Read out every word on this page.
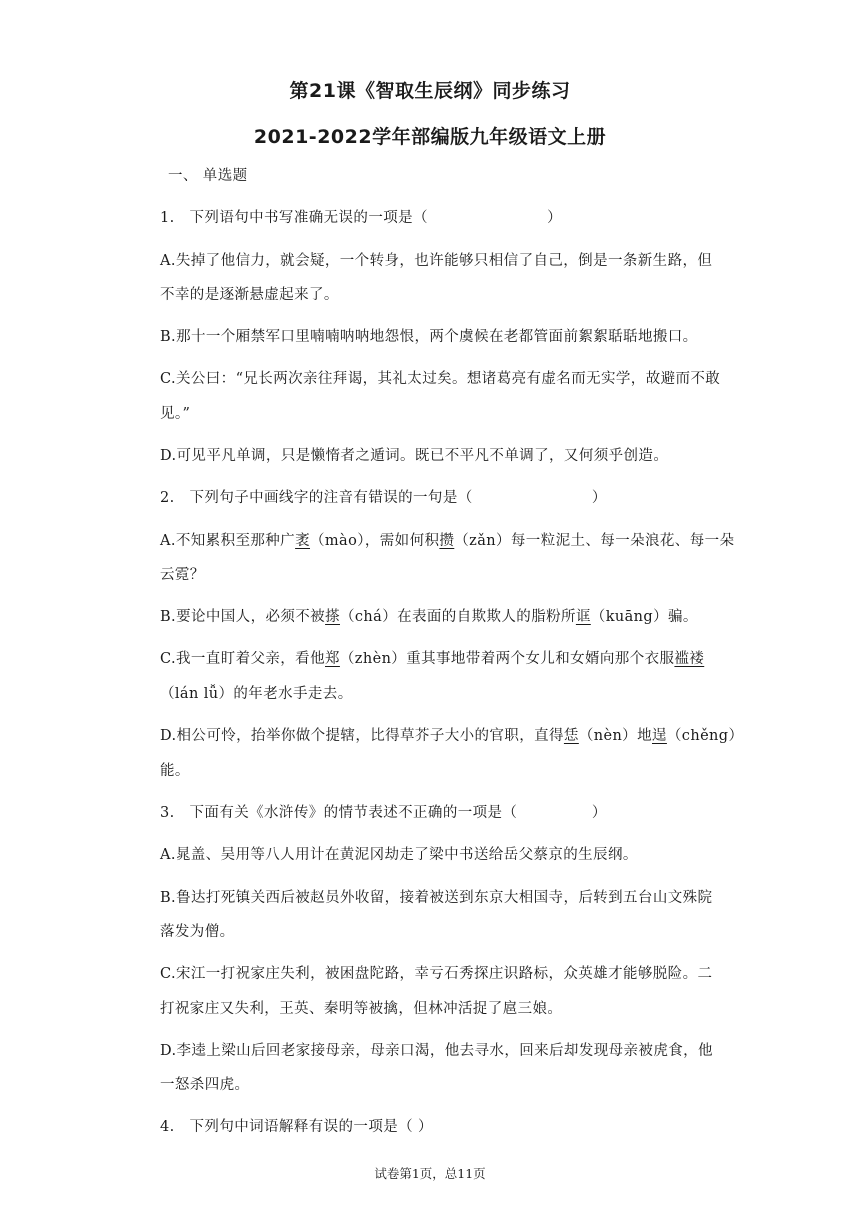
第21课《智取生辰纲》同步练习
2021-2022学年部编版九年级语文上册
一、 单选题
1.　下列语句中书写准确无误的一项是（　　　　　　　　）
A.失掉了他信力，就会疑，一个转身，也许能够只相信了自己，倒是一条新生路，但
不幸的是逐渐悬虚起来了。
B.那十一个厢禁军口里喃喃呐呐地怨恨，两个虞候在老都管面前絮絮聒聒地搬口。
C.关公曰：“兄长两次亲往拜谒，其礼太过矣。想诸葛亮有虚名而无实学，故避而不敢
见。”
D.可见平凡单调，只是懒惰者之遁词。既已不平凡不单调了，又何须乎创造。
2.　下列句子中画线字的注音有错误的一句是（　　　　　　　　）
A.不知累积至那种广袤（mào），需如何积攒（zǎn）每一粒泥土、每一朵浪花、每一朵
云霓？
B.要论中国人，必须不被搽（chá）在表面的自欺欺人的脂粉所诓（kuāng）骗。
C.我一直盯着父亲，看他郑（zhèn）重其事地带着两个女儿和女婿向那个衣服褴褛
（lán lǚ）的年老水手走去。
D.相公可怜，抬举你做个提辖，比得草芥子大小的官职，直得恁（nèn）地逞（chěng）
能。
3.　下面有关《水浒传》的情节表述不正确的一项是（　　　　　）
A.晁盖、吴用等八人用计在黄泥冈劫走了梁中书送给岳父蔡京的生辰纲。
B.鲁达打死镇关西后被赵员外收留，接着被送到东京大相国寺，后转到五台山文殊院
落发为僧。
C.宋江一打祝家庄失利，被困盘陀路，幸亏石秀探庄识路标，众英雄才能够脱险。二
打祝家庄又失利，王英、秦明等被擒，但林冲活捉了扈三娘。
D.李逵上梁山后回老家接母亲，母亲口渴，他去寻水，回来后却发现母亲被虎食，他
一怒杀四虎。
4.　下列句中词语解释有误的一项是（ ）
试卷第1页，总11页
